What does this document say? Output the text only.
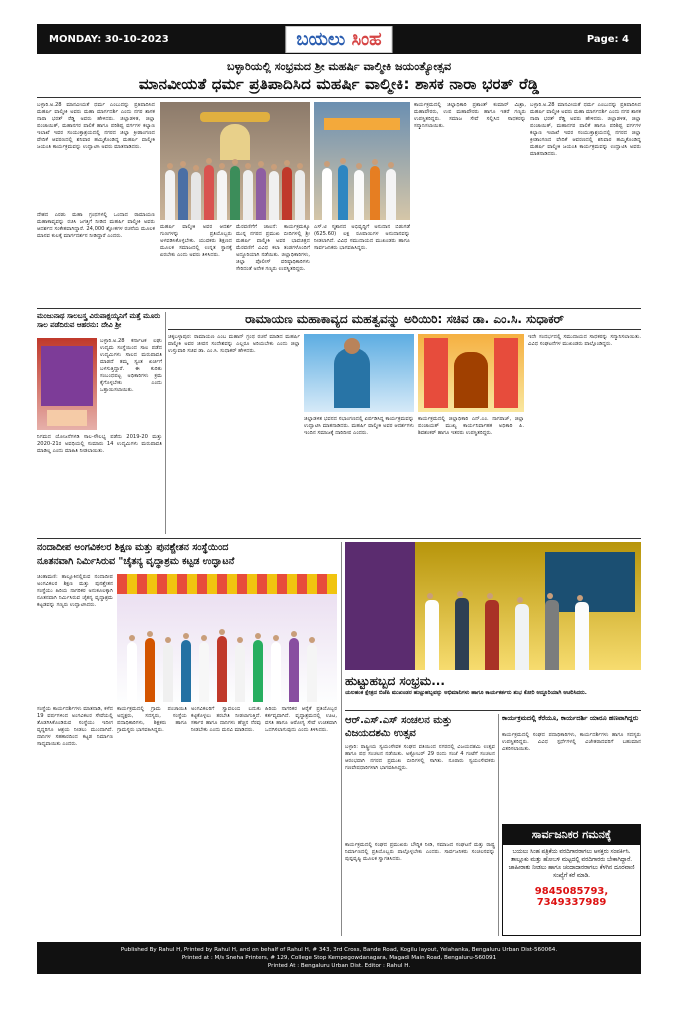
MONDAY: 30-10-2023	ಬಯಲು ಸಿಂಹ	Page: 4
ಬಳ್ಳಾರಿಯಲ್ಲಿ ಸಂಭ್ರಮದ ಶ್ರೀ ಮಹರ್ಷಿ ವಾಲ್ಮೀಕಿ ಜಯಂತ್ಯೋತ್ಸವ
ಮಾನವೀಯತೆ ಧರ್ಮ ಪ್ರತಿಪಾದಿಸಿದ ಮಹರ್ಷಿ ವಾಲ್ಮೀಕಿ: ಶಾಸಕ ನಾರಾ ಭರತ್ ರೆಡ್ಡಿ
ಬಳ್ಳಾರಿ.ಅ.28 ಮಾನವೀಯತೆ ಧರ್ಮ ಎಂಬುದನ್ನು ಪ್ರತಿಪಾದಿಸಿದ ಮಹರ್ಷಿ ವಾಲ್ಮೀಕಿ ಅವರು ಮಹಾ ಮಾರ್ಗದರ್ಶಿ ಎಂದು ನಗರ ಶಾಸಕ ನಾರಾ ಭರತ್ ರೆಡ್ಡಿ ಅವರು ಹೇಳಿದರು. ಜಿಲ್ಲಾಡಳಿತ, ಜಿಲ್ಲಾ ಪಂಚಾಯಿತ್, ಮಹಾನಗರ ಪಾಲಿಕೆ ಹಾಗೂ ಪರಿಶಿಷ್ಟ ವರ್ಗಗಳ ಕಲ್ಯಾಣ ಇಲಾಖೆ ಇವರ ಸಂಯುಕ್ತಾಶ್ರಯದಲ್ಲಿ ನಗರದ ಜಿಲ್ಲಾ ಕ್ರೀಡಾಂಗಣದ ವೇದಿಕೆ ಆವರಣದಲ್ಲಿ ಶನಿವಾರ ಹಮ್ಮಿಕೊಂಡಿದ್ದ ಮಹರ್ಷಿ ವಾಲ್ಮೀಕಿ ಜಯಂತಿ ಕಾರ್ಯಕ್ರಮವನ್ನು ಉದ್ಘಾಟಿಸಿ ಅವರು ಮಾತನಾಡಿದರು.
ದೇಶದ ಎರಡು ಮಹಾ ಗ್ರಂಥಗಳಲ್ಲಿ ಒಂದಾದ ರಾಮಾಯಣ ಮಹಾಕಾವ್ಯವನ್ನು ರಚಿಸಿ ಜಗತ್ತಿಗೆ ನೀಡಿದ ಮಹರ್ಷಿ ವಾಲ್ಮೀಕಿ ಅವರು ಆದರ್ಶದ ಸಂಕೇತವಾಗಿದ್ದಾರೆ. 24,000 ಶ್ಲೋಕಗಳ ರಚನೆಯ ಮೂಲಕ ಮಾನವ ಕುಲಕ್ಕೆ ಮಾರ್ಗದರ್ಶನ ನೀಡಿದ್ದಾರೆ ಎಂದರು.
ಮಹರ್ಷಿ ವಾಲ್ಮೀಕಿ ಅವರ ಆದರ್ಶ ಗುಣಗಳನ್ನು ಪ್ರತಿಯೊಬ್ಬರು ಅಳವಡಿಸಿಕೊಳ್ಳಬೇಕು. ಯುವಕರು ಶಿಕ್ಷಣದ ಮೂಲಕ ಸಮಾಜದಲ್ಲಿ ಉನ್ನತ ಸ್ಥಾನಕ್ಕೆ ಏರಬೇಕು ಎಂದು ಅವರು ತಿಳಿಸಿದರು.
ಮೆರವಣಿಗೆಗೆ ಚಾಲನೆ: ಕಾರ್ಯಕ್ರಮಕ್ಕೂ ಮುನ್ನ ನಗರದ ಪ್ರಮುಖ ಬೀದಿಗಳಲ್ಲಿ ಶ್ರೀ ಮಹರ್ಷಿ ವಾಲ್ಮೀಕಿ ಅವರ ಭಾವಚಿತ್ರದ ಮೆರವಣಿಗೆ ವಿವಿಧ ಕಲಾ ತಂಡಗಳೊಂದಿಗೆ ಅದ್ದೂರಿಯಾಗಿ ನಡೆಯಿತು. ಜಿಲ್ಲಾಧಿಕಾರಿಗಳು, ಜಿಲ್ಲಾ ಪೊಲೀಸ್ ವರಿಷ್ಠಾಧಿಕಾರಿಗಳು ಸೇರಿದಂತೆ ಅನೇಕ ಗಣ್ಯರು ಉಪಸ್ಥಿತರಿದ್ದರು.
ಎಸ್.ಟಿ ಸ್ಮಶಾನದ ಅಭಿವೃದ್ಧಿಗೆ ಅನುದಾನ ಬಿಡುಗಡೆ (625.60) ಲಕ್ಷ ರೂಪಾಯಿಗಳ ಅನುದಾನವನ್ನು ನೀಡಲಾಗಿದೆ. ವಿವಿಧ ಸಮುದಾಯದ ಮುಖಂಡರು ಹಾಗೂ ಸಾರ್ವಜನಿಕರು ಭಾಗವಹಿಸಿದ್ದರು.
ಕಾರ್ಯಕ್ರಮದಲ್ಲಿ ಜಿಲ್ಲಾಧಿಕಾರಿ ಪ್ರಶಾಂತ್ ಕುಮಾರ್ ಮಿಶ್ರಾ, ಮಹಾಪೌರರು, ಉಪ ಮಹಾಪೌರರು ಹಾಗೂ ಇತರೆ ಗಣ್ಯರು ಉಪಸ್ಥಿತರಿದ್ದರು. ಸಮಾಜ ಸೇವೆ ಸಲ್ಲಿಸಿದ ಸಾಧಕರನ್ನು ಸನ್ಮಾನಿಸಲಾಯಿತು.
ಬಳ್ಳಾರಿ.ಅ.28 ಮಾನವೀಯತೆ ಧರ್ಮ ಎಂಬುದನ್ನು ಪ್ರತಿಪಾದಿಸಿದ ಮಹರ್ಷಿ ವಾಲ್ಮೀಕಿ ಅವರು ಮಹಾ ಮಾರ್ಗದರ್ಶಿ ಎಂದು ನಗರ ಶಾಸಕ ನಾರಾ ಭರತ್ ರೆಡ್ಡಿ ಅವರು ಹೇಳಿದರು. ಜಿಲ್ಲಾಡಳಿತ, ಜಿಲ್ಲಾ ಪಂಚಾಯಿತ್, ಮಹಾನಗರ ಪಾಲಿಕೆ ಹಾಗೂ ಪರಿಶಿಷ್ಟ ವರ್ಗಗಳ ಕಲ್ಯಾಣ ಇಲಾಖೆ ಇವರ ಸಂಯುಕ್ತಾಶ್ರಯದಲ್ಲಿ ನಗರದ ಜಿಲ್ಲಾ ಕ್ರೀಡಾಂಗಣದ ವೇದಿಕೆ ಆವರಣದಲ್ಲಿ ಶನಿವಾರ ಹಮ್ಮಿಕೊಂಡಿದ್ದ ಮಹರ್ಷಿ ವಾಲ್ಮೀಕಿ ಜಯಂತಿ ಕಾರ್ಯಕ್ರಮವನ್ನು ಉದ್ಘಾಟಿಸಿ ಅವರು ಮಾತನಾಡಿದರು.
ಮಂಜುನಾಥ ಸಾಲಬಸ್ತ್ರ ವಿರುಪಾಕ್ಷಯ್ಯನಿಗೆ ಮತ್ತೆ ಮೂರು ಸಾಲ ಪಡೆದಿರುವ ಆಹರನು: ದೇವಿ ಶ್ರೀ
ಬಳ್ಳಾರಿ.ಅ.28 ಕರ್ನಾಟಕ ಲಘು ಉದ್ಯಮ ಸಂಸ್ಥೆಯಿಂದ ಸಾಲ ಪಡೆದ ಉದ್ಯಮಿಗಳು ಸಾಲದ ಮರುಪಾವತಿ ಮಾಡದೆ ತಮ್ಮ ಸ್ವಂತ ಖರ್ಚಿಗೆ ಬಳಸುತ್ತಿದ್ದಾರೆ. ಈ ಕುರಿತು ಸಂಬಂಧಪಟ್ಟ ಅಧಿಕಾರಿಗಳು ಕ್ರಮ ಕೈಗೊಳ್ಳಬೇಕು ಎಂದು ಒತ್ತಾಯಿಸಲಾಯಿತು.
ನಿಗಮದ ಯೋಜನೆಗಳಡಿ ಸಾಲ-ಸೌಲಭ್ಯ ಪಡೆದು 2019-20 ಮತ್ತು 2020-21ರ ಅವಧಿಯಲ್ಲಿ ಸುಮಾರು 14 ಉದ್ಯಮಿಗಳು ಮರುಪಾವತಿ ಮಾಡಿಲ್ಲ ಎಂದು ಮಾಹಿತಿ ನೀಡಲಾಯಿತು.
ರಾಮಾಯಣ ಮಹಾಕಾವ್ಯದ ಮಹತ್ವವನ್ನು ಅರಿಯಿರಿ: ಸಚಿವ ಡಾ. ಎಂ.ಸಿ. ಸುಧಾಕರ್
ಚಿಕ್ಕಬಳ್ಳಾಪುರ: ರಾಮಾಯಣ ಎಂಬ ಮಹಾನ್ ಗ್ರಂಥ ರಚನೆ ಮಾಡಿದ ಮಹರ್ಷಿ ವಾಲ್ಮೀಕಿ ಅವರ ಜೀವನ ಸಂದೇಶವನ್ನು ಎಲ್ಲರೂ ಅರಿಯಬೇಕು ಎಂದು ಜಿಲ್ಲಾ ಉಸ್ತುವಾರಿ ಸಚಿವ ಡಾ. ಎಂ.ಸಿ. ಸುಧಾಕರ್ ಹೇಳಿದರು.
ಜಿಲ್ಲಾಡಳಿತ ಭವನದ ಸಭಾಂಗಣದಲ್ಲಿ ಏರ್ಪಡಿಸಿದ್ದ ಕಾರ್ಯಕ್ರಮವನ್ನು ಉದ್ಘಾಟಿಸಿ ಮಾತನಾಡಿದರು. ಮಹರ್ಷಿ ವಾಲ್ಮೀಕಿ ಅವರ ಆದರ್ಶಗಳು ಇಂದಿನ ಸಮಾಜಕ್ಕೆ ದಾರಿದೀಪ ಎಂದರು.
ಕಾರ್ಯಕ್ರಮದಲ್ಲಿ ಜಿಲ್ಲಾಧಿಕಾರಿ ಎನ್.ಎಂ. ನಾಗರಾಜ್, ಜಿಲ್ಲಾ ಪಂಚಾಯತ್ ಮುಖ್ಯ ಕಾರ್ಯನಿರ್ವಾಹಕ ಅಧಿಕಾರಿ ಪಿ. ಶಿವಶಂಕರ್ ಹಾಗೂ ಇತರರು ಉಪಸ್ಥಿತರಿದ್ದರು.
ಇದೇ ಸಂದರ್ಭದಲ್ಲಿ ಸಮುದಾಯದ ಸಾಧಕರನ್ನು ಸನ್ಮಾನಿಸಲಾಯಿತು. ವಿವಿಧ ಸಂಘಟನೆಗಳ ಮುಖಂಡರು ಪಾಲ್ಗೊಂಡಿದ್ದರು.
ನಂದಾದೀಪ ಅಂಗವಿಕಲರ ಶಿಕ್ಷಣ ಮತ್ತು ಪುನಶ್ಚೇತನ ಸಂಸ್ಥೆಯಿಂದ
ನೂತನವಾಗಿ ನಿರ್ಮಿಸಿರುವ "ಚೈತನ್ಯ ವೃದ್ಧಾಶ್ರಮ ಕಟ್ಟಡ ಉದ್ಘಾಟನೆ
ಚಿಂತಾಮಣಿ: ತಾಲ್ಲೂಕಿನಲ್ಲಿರುವ ನಂದಾದೀಪ ಅಂಗವಿಕಲರ ಶಿಕ್ಷಣ ಮತ್ತು ಪುನಶ್ಚೇತನ ಸಂಸ್ಥೆಯು ಹಿರಿಯ ನಾಗರಿಕರ ಅನುಕೂಲಕ್ಕಾಗಿ ನೂತನವಾಗಿ ನಿರ್ಮಿಸಿರುವ ಚೈತನ್ಯ ವೃದ್ಧಾಶ್ರಮ ಕಟ್ಟಡವನ್ನು ಗಣ್ಯರು ಉದ್ಘಾಟಿಸಿದರು.
ಸಂಸ್ಥೆಯ ಕಾರ್ಯದರ್ಶಿಗಳು ಮಾತನಾಡಿ, ಕಳೆದ 19 ವರ್ಷಗಳಿಂದ ಅಂಗವಿಕಲರ ಸೇವೆಯಲ್ಲಿ ತೊಡಗಿಸಿಕೊಂಡಿರುವ ಸಂಸ್ಥೆಯು ಇದೀಗ ವೃದ್ಧರಿಗೂ ಆಶ್ರಯ ನೀಡಲು ಮುಂದಾಗಿದೆ. ದಾನಿಗಳ ಸಹಕಾರದಿಂದ ಕಟ್ಟಡ ನಿರ್ಮಾಣ ಸಾಧ್ಯವಾಯಿತು ಎಂದರು.
ಕಾರ್ಯಕ್ರಮದಲ್ಲಿ ಗ್ರಾಮ ಪಂಚಾಯಿತಿ ಅಧ್ಯಕ್ಷರು, ಸದಸ್ಯರು, ಸಂಸ್ಥೆಯ ಪದಾಧಿಕಾರಿಗಳು, ಶಿಕ್ಷಕರು ಹಾಗೂ ಗ್ರಾಮಸ್ಥರು ಭಾಗವಹಿಸಿದ್ದರು.
ಅಂಗವಿಕಲರಿಗೆ ಸ್ವಾವಲಂಬಿ ಬದುಕು ಕಟ್ಟಿಕೊಳ್ಳಲು ತರಬೇತಿ ನೀಡಲಾಗುತ್ತಿದೆ. ಸರ್ಕಾರ ಹಾಗೂ ದಾನಿಗಳು ಹೆಚ್ಚಿನ ನೆರವು ನೀಡಬೇಕು ಎಂದು ಮನವಿ ಮಾಡಿದರು.
ಹಿರಿಯ ನಾಗರಿಕರ ಆರೈಕೆ ಪ್ರತಿಯೊಬ್ಬರ ಕರ್ತವ್ಯವಾಗಿದೆ. ವೃದ್ಧಾಶ್ರಮದಲ್ಲಿ ಊಟ, ವಸತಿ ಹಾಗೂ ಆರೋಗ್ಯ ಸೇವೆ ಉಚಿತವಾಗಿ ಒದಗಿಸಲಾಗುವುದು ಎಂದು ತಿಳಿಸಿದರು.
ಹುಟ್ಟುಹಬ್ಬದ ಸಂಭ್ರಮ...
ಯಲಹಂಕ ಕ್ಷೇತ್ರದ ಬಿಜೆಪಿ ಮುಖಂಡರ ಹುಟ್ಟುಹಬ್ಬವನ್ನು ಅಭಿಮಾನಿಗಳು ಹಾಗೂ ಕಾರ್ಯಕರ್ತರು ಶುಭ ಕೋರಿ ಅದ್ದೂರಿಯಾಗಿ ಆಚರಿಸಿದರು.
ಆರ್.ಎಸ್.ಎಸ್ ಸಂಚಲನ ಮತ್ತು ವಿಜಯದಶಮಿ ಉತ್ಸವ
ಬಳ್ಳಾರಿ: ರಾಷ್ಟ್ರೀಯ ಸ್ವಯಂಸೇವಕ ಸಂಘದ ವತಿಯಿಂದ ನಗರದಲ್ಲಿ ವಿಜಯದಶಮಿ ಉತ್ಸವ ಹಾಗೂ ಪಥ ಸಂಚಲನ ನಡೆಯಿತು. ಅಕ್ಟೋಬರ್ 29 ರಂದು ಸಂಜೆ 4 ಗಂಟೆಗೆ ಸಂಚಲನ ಆರಂಭವಾಗಿ ನಗರದ ಪ್ರಮುಖ ಬೀದಿಗಳಲ್ಲಿ ಸಾಗಿತು. ನೂರಾರು ಸ್ವಯಂಸೇವಕರು ಗಣವೇಷಧಾರಿಗಳಾಗಿ ಭಾಗವಹಿಸಿದ್ದರು.
ಕಾರ್ಯಕ್ರಮದಲ್ಲಿ ಸಂಘದ ಪ್ರಮುಖರು ಬೌದ್ಧಿಕ ನೀಡಿ, ಸಮಾಜದ ಸಂಘಟನೆ ಮತ್ತು ರಾಷ್ಟ್ರ ನಿರ್ಮಾಣದಲ್ಲಿ ಪ್ರತಿಯೊಬ್ಬರು ಪಾಲ್ಗೊಳ್ಳಬೇಕು ಎಂದರು. ಸಾರ್ವಜನಿಕರು ಸಂಚಲನವನ್ನು ಪುಷ್ಪವೃಷ್ಟಿ ಮೂಲಕ ಸ್ವಾಗತಿಸಿದರು.
ಕಾರ್ಯಕ್ರಮದಲ್ಲಿ ಕೆರೆಯೂ, ಕಾರ್ಯದರ್ಶಿ ಯಾರೂ ಹಣವಾಗಿದ್ದರು
ಕಾರ್ಯಕ್ರಮದಲ್ಲಿ ಸಂಘದ ಪದಾಧಿಕಾರಿಗಳು, ಕಾರ್ಯದರ್ಶಿಗಳು ಹಾಗೂ ಸದಸ್ಯರು ಉಪಸ್ಥಿತರಿದ್ದರು. ವಿವಿಧ ಸ್ಪರ್ಧೆಗಳಲ್ಲಿ ವಿಜೇತರಾದವರಿಗೆ ಬಹುಮಾನ ವಿತರಿಸಲಾಯಿತು.
ಸಾರ್ವಜನಿಕರ ಗಮನಕ್ಕೆ
ಬಯಲು ಸಿಂಹ ಪತ್ರಿಕೆಯ ವರದಿಗಾರರಾಗಲು ಆಸಕ್ತರು ಸಂಪರ್ಕಿಸಿ. ತಾಲ್ಲೂಕು ಮತ್ತು ಹೋಬಳಿ ಮಟ್ಟದಲ್ಲಿ ವರದಿಗಾರರು ಬೇಕಾಗಿದ್ದಾರೆ. ಜಾಹೀರಾತು ನೀಡಲು ಹಾಗೂ ಚಂದಾದಾರರಾಗಲು ಕೆಳಗಿನ ದೂರವಾಣಿ ಸಂಖ್ಯೆಗೆ ಕರೆ ಮಾಡಿ.
9845085793, 7349337989
Published By Rahul H, Printed by Rahul H, and on behalf of Rahul H, # 343, 3rd Cross, Bande Road, Kogilu layout, Yelahanka, Bengaluru Urban Dist-560064.
Printed at : M/s Sneha Printers, # 129, College Stop Kempegowdanagara, Magadi Main Road, Bengaluru-560091
Printed At : Bengaluru Urban Dist. Editor : Rahul H.
